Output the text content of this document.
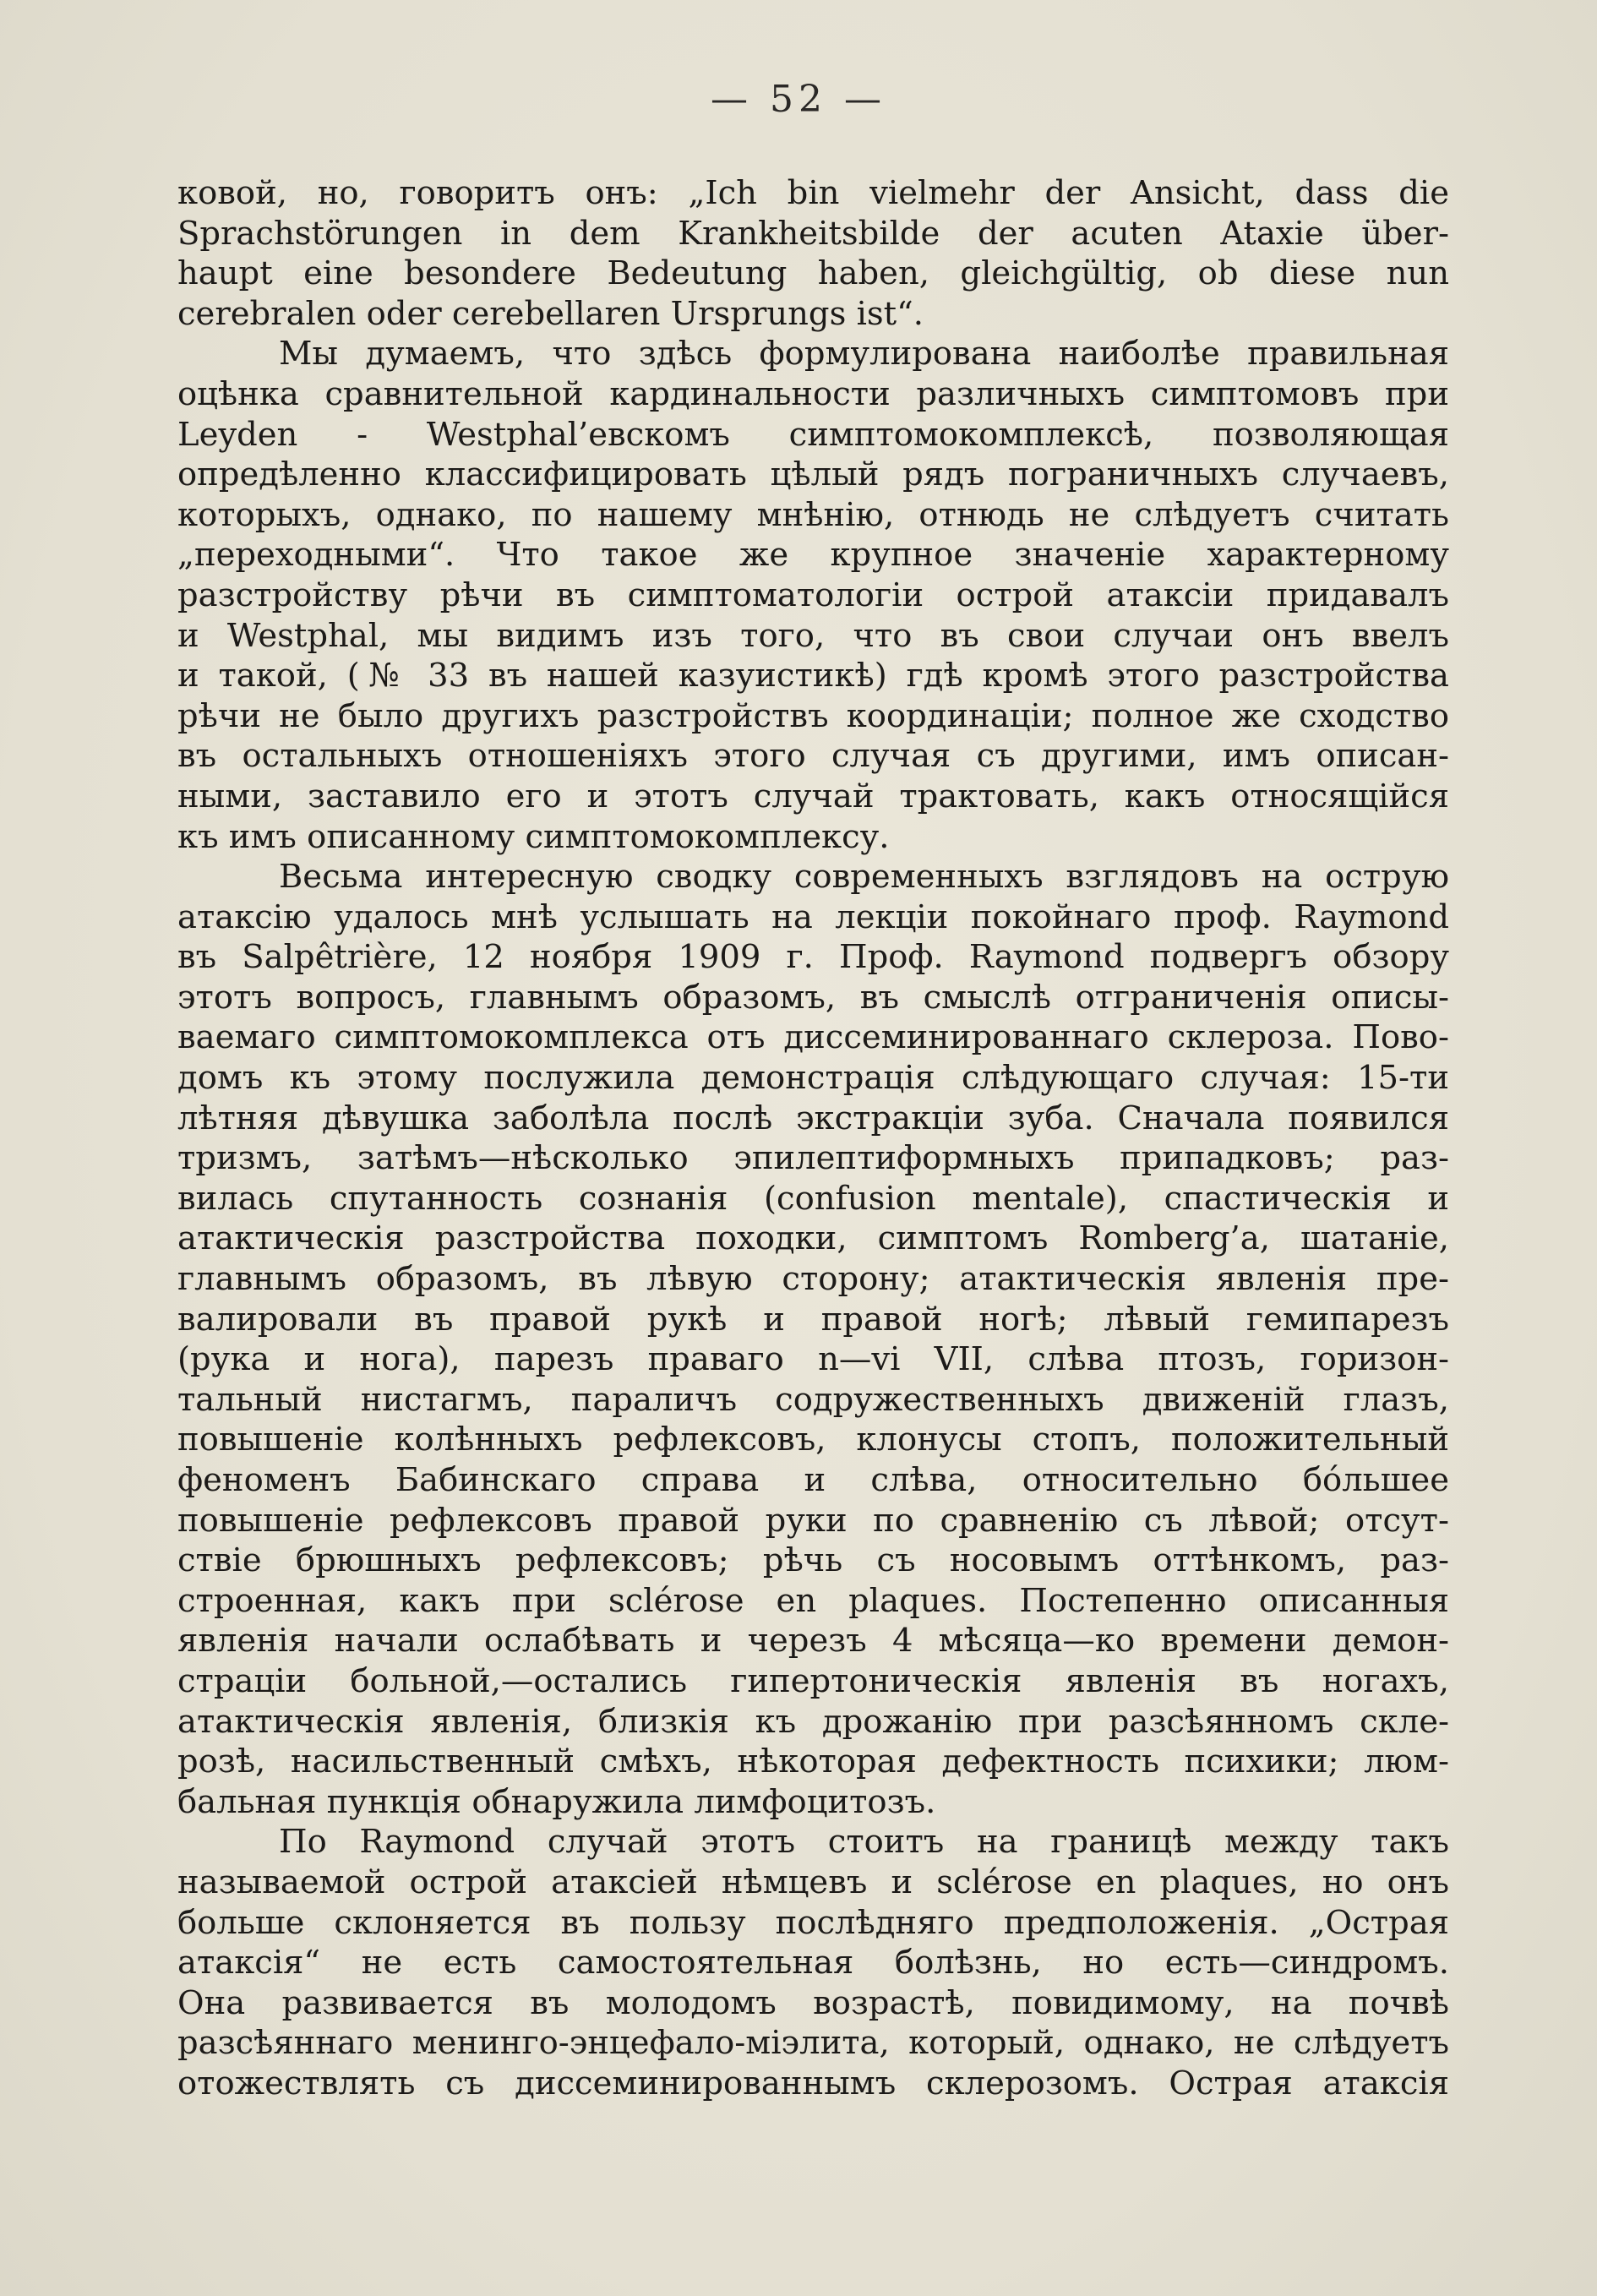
— 52 —
ковой, но, говоритъ онъ: „Ich bin vielmehr der Ansicht, dass die
Sprachstörungen in dem Krankheitsbilde der acuten Ataxie über-
haupt eine besondere Bedeutung haben, gleichgültig, ob diese nun
cerebralen oder cerebellaren Ursprungs ist“.
Мы думаемъ, что здѣсь формулирована наиболѣе правильная
оцѣнка сравнительной кардинальности различныхъ симптомовъ при
Leyden - Westphal’евскомъ симптомокомплексѣ, позволяющая
опредѣленно классифицировать цѣлый рядъ пограничныхъ случаевъ,
которыхъ, однако, по нашему мнѣнію, отнюдь не слѣдуетъ считать
„переходными“. Что такое же крупное значеніе характерному
разстройству рѣчи въ симптоматологіи острой атаксіи придавалъ
и Westphal, мы видимъ изъ того, что въ свои случаи онъ ввелъ
и такой, (№ 33 въ нашей казуистикѣ) гдѣ кромѣ этого разстройства
рѣчи не было другихъ разстройствъ координаціи; полное же сходство
въ остальныхъ отношеніяхъ этого случая съ другими, имъ описан-
ными, заставило его и этотъ случай трактовать, какъ относящійся
къ имъ описанному симптомокомплексу.
Весьма интересную сводку современныхъ взглядовъ на острую
атаксію удалось мнѣ услышать на лекціи покойнаго проф. Raymond
въ Salpêtrière, 12 ноября 1909 г. Проф. Raymond подвергъ обзору
этотъ вопросъ, главнымъ образомъ, въ смыслѣ отграниченія описы-
ваемаго симптомокомплекса отъ диссеминированнаго склероза. Пово-
домъ къ этому послужила демонстрація слѣдующаго случая: 15-ти
лѣтняя дѣвушка заболѣла послѣ экстракціи зуба. Сначала появился
тризмъ, затѣмъ—нѣсколько эпилептиформныхъ припадковъ; раз-
вилась спутанность сознанія (confusion mentale), спастическія и
атактическія разстройства походки, симптомъ Romberg’а, шатаніе,
главнымъ образомъ, въ лѣвую сторону; атактическія явленія пре-
валировали въ правой рукѣ и правой ногѣ; лѣвый гемипарезъ
(рука и нога), парезъ праваго n—vi VII, слѣва птозъ, горизон-
тальный нистагмъ, параличъ содружественныхъ движеній глазъ,
повышеніе колѣнныхъ рефлексовъ, клонусы стопъ, положительный
феноменъ Бабинскаго справа и слѣва, относительно бóльшее
повышеніе рефлексовъ правой руки по сравненію съ лѣвой; отсут-
ствіе брюшныхъ рефлексовъ; рѣчь съ носовымъ оттѣнкомъ, раз-
строенная, какъ при sclérose en plaques. Постепенно описанныя
явленія начали ослабѣвать и черезъ 4 мѣсяца—ко времени демон-
страціи больной,—остались гипертоническія явленія въ ногахъ,
атактическія явленія, близкія къ дрожанію при разсѣянномъ скле-
розѣ, насильственный смѣхъ, нѣкоторая дефектность психики; люм-
бальная пункція обнаружила лимфоцитозъ.
По Raymond случай этотъ стоитъ на границѣ между такъ
называемой острой атаксіей нѣмцевъ и sclérose en plaques, но онъ
больше склоняется въ пользу послѣдняго предположенія. „Острая
атаксія“ не есть самостоятельная болѣзнь, но есть—синдромъ.
Она развивается въ молодомъ возрастѣ, повидимому, на почвѣ
разсѣяннаго менинго-энцефало-міэлита, который, однако, не слѣдуетъ
отожествлять съ диссеминированнымъ склерозомъ. Острая атаксія
